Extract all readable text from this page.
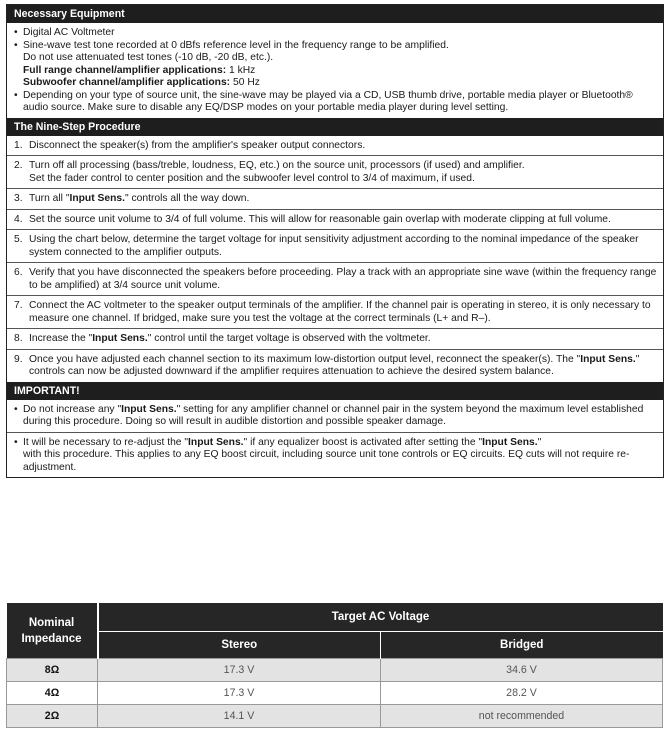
Necessary Equipment
• Digital AC Voltmeter
• Sine-wave test tone recorded at 0 dBfs reference level in the frequency range to be amplified.
Do not use attenuated test tones (-10 dB, -20 dB, etc.).
Full range channel/amplifier applications: 1 kHz
Subwoofer channel/amplifier applications: 50 Hz
• Depending on your type of source unit, the sine-wave may be played via a CD, USB thumb drive, portable media player or Bluetooth® audio source. Make sure to disable any EQ/DSP modes on your portable media player during level setting.
The Nine-Step Procedure
1. Disconnect the speaker(s) from the amplifier's speaker output connectors.
2. Turn off all processing (bass/treble, loudness, EQ, etc.) on the source unit, processors (if used) and amplifier.
Set the fader control to center position and the subwoofer level control to 3/4 of maximum, if used.
3. Turn all "Input Sens." controls all the way down.
4. Set the source unit volume to 3/4 of full volume. This will allow for reasonable gain overlap with moderate clipping at full volume.
5. Using the chart below, determine the target voltage for input sensitivity adjustment according to the nominal impedance of the speaker system connected to the amplifier outputs.
6. Verify that you have disconnected the speakers before proceeding. Play a track with an appropriate sine wave (within the frequency range to be amplified) at 3/4 source unit volume.
7. Connect the AC voltmeter to the speaker output terminals of the amplifier. If the channel pair is operating in stereo, it is only necessary to measure one channel. If bridged, make sure you test the voltage at the correct terminals (L+ and R–).
8. Increase the "Input Sens." control until the target voltage is observed with the voltmeter.
9. Once you have adjusted each channel section to its maximum low-distortion output level, reconnect the speaker(s). The "Input Sens." controls can now be adjusted downward if the amplifier requires attenuation to achieve the desired system balance.
IMPORTANT!
• Do not increase any "Input Sens." setting for any amplifier channel or channel pair in the system beyond the maximum level established during this procedure. Doing so will result in audible distortion and possible speaker damage.
• It will be necessary to re-adjust the "Input Sens." if any equalizer boost is activated after setting the "Input Sens."
with this procedure. This applies to any EQ boost circuit, including source unit tone controls or EQ circuits. EQ cuts will not require re-adjustment.
Nominal
Impedance	Target AC Voltage	
	Stereo	Bridged
8Ω	17.3 V	34.6 V
4Ω	17.3 V	28.2 V
2Ω	14.1 V	not recommended
